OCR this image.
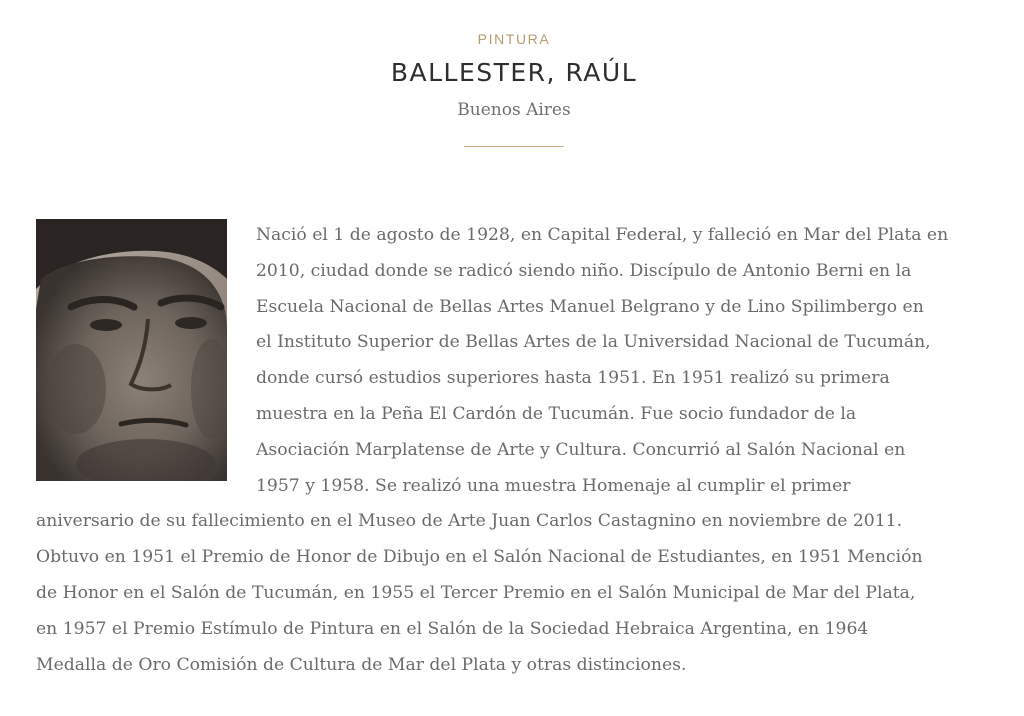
PINTURA
BALLESTER, RAÚL
Buenos Aires

Nació el 1 de agosto de 1928, en Capital Federal, y falleció en Mar del Plata en
2010, ciudad donde se radicó siendo niño. Discípulo de Antonio Berni en la
Escuela Nacional de Bellas Artes Manuel Belgrano y de Lino Spilimbergo en
el Instituto Superior de Bellas Artes de la Universidad Nacional de Tucumán,
donde cursó estudios superiores hasta 1951. En 1951 realizó su primera
muestra en la Peña El Cardón de Tucumán. Fue socio fundador de la
Asociación Marplatense de Arte y Cultura. Concurrió al Salón Nacional en
1957 y 1958. Se realizó una muestra Homenaje al cumplir el primer
aniversario de su fallecimiento en el Museo de Arte Juan Carlos Castagnino en noviembre de 2011.
Obtuvo en 1951 el Premio de Honor de Dibujo en el Salón Nacional de Estudiantes, en 1951 Mención
de Honor en el Salón de Tucumán, en 1955 el Tercer Premio en el Salón Municipal de Mar del Plata,
en 1957 el Premio Estímulo de Pintura en el Salón de la Sociedad Hebraica Argentina, en 1964
Medalla de Oro Comisión de Cultura de Mar del Plata y otras distinciones.
